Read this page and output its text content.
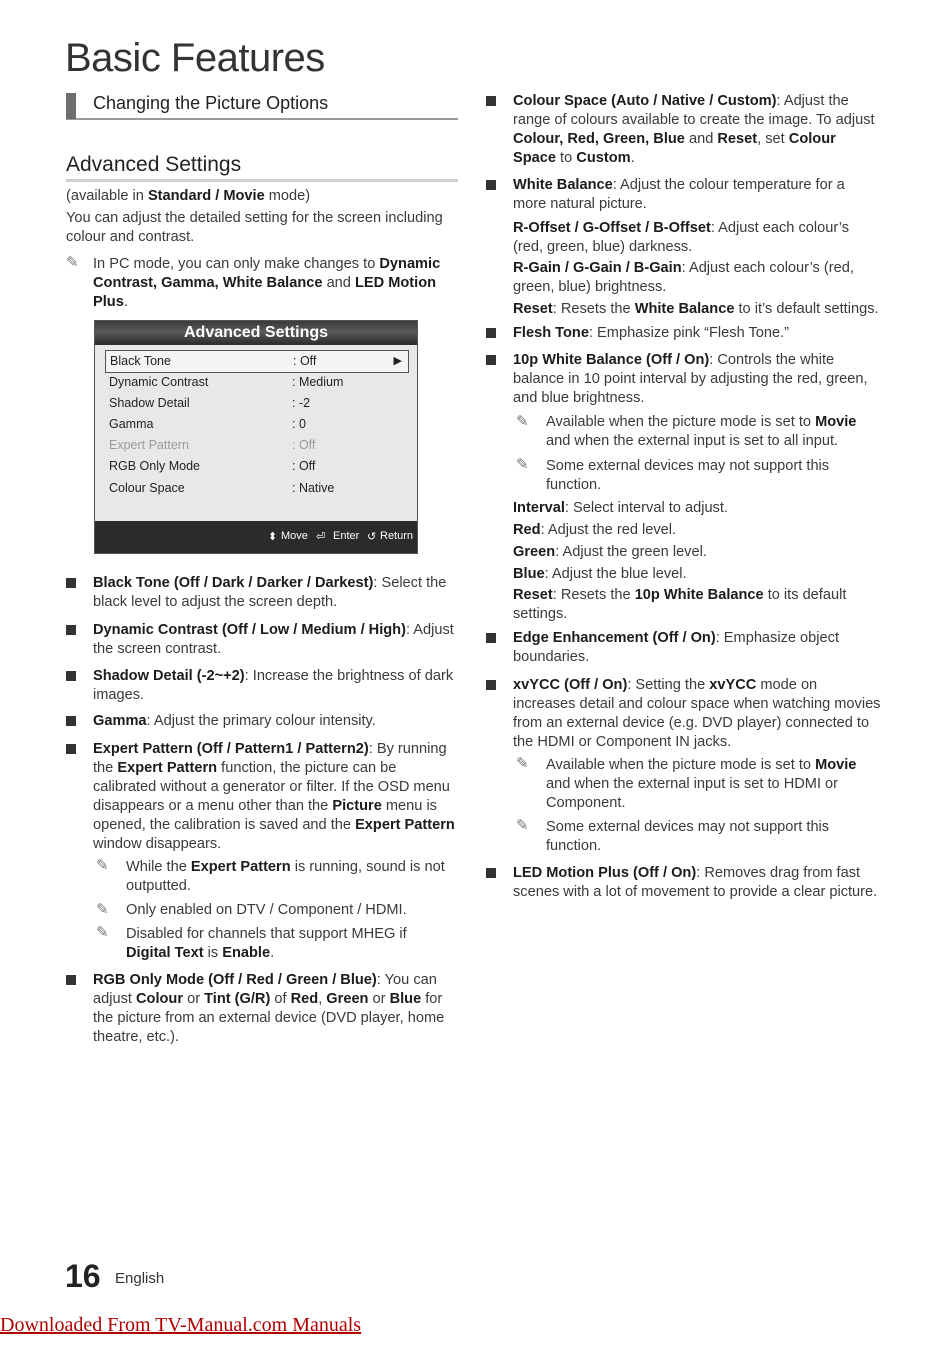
Basic Features
Changing the Picture Options
Advanced Settings
(available in Standard / Movie mode)
You can adjust the detailed setting for the screen including colour and contrast.
✎ In PC mode, you can only make changes to Dynamic Contrast, Gamma, White Balance and LED Motion Plus.
Advanced Settings
Black Tone	: Off	▶
Dynamic Contrast	: Medium
Shadow Detail	: -2
Gamma	: 0
Expert Pattern	: Off
RGB Only Mode	: Off
Colour Space	: Native
⬍ Move ⏎ Enter ↺ Return
Black Tone (Off / Dark / Darker / Darkest): Select the black level to adjust the screen depth.
Dynamic Contrast (Off / Low / Medium / High): Adjust the screen contrast.
Shadow Detail (-2~+2): Increase the brightness of dark images.
Gamma: Adjust the primary colour intensity.
Expert Pattern (Off / Pattern1 / Pattern2): By running the Expert Pattern function, the picture can be calibrated without a generator or filter. If the OSD menu disappears or a menu other than the Picture menu is opened, the calibration is saved and the Expert Pattern window disappears.
✎ While the Expert Pattern is running, sound is not outputted.
✎ Only enabled on DTV / Component / HDMI.
✎ Disabled for channels that support MHEG if Digital Text is Enable.
RGB Only Mode (Off / Red / Green / Blue): You can adjust Colour or Tint (G/R) of Red, Green or Blue for the picture from an external device (DVD player, home theatre, etc.).
Colour Space (Auto / Native / Custom): Adjust the range of colours available to create the image. To adjust Colour, Red, Green, Blue and Reset, set Colour Space to Custom.
White Balance: Adjust the colour temperature for a more natural picture.
R-Offset / G-Offset / B-Offset: Adjust each colour’s (red, green, blue) darkness.
R-Gain / G-Gain / B-Gain: Adjust each colour’s (red, green, blue) brightness.
Reset: Resets the White Balance to it’s default settings.
Flesh Tone: Emphasize pink “Flesh Tone.”
10p White Balance (Off / On): Controls the white balance in 10 point interval by adjusting the red, green, and blue brightness.
✎ Available when the picture mode is set to Movie and when the external input is set to all input.
✎ Some external devices may not support this function.
Interval: Select interval to adjust.
Red: Adjust the red level.
Green: Adjust the green level.
Blue: Adjust the blue level.
Reset: Resets the 10p White Balance to its default settings.
Edge Enhancement (Off / On): Emphasize object boundaries.
xvYCC (Off / On): Setting the xvYCC mode on increases detail and colour space when watching movies from an external device (e.g. DVD player) connected to the HDMI or Component IN jacks.
✎ Available when the picture mode is set to Movie and when the external input is set to HDMI or Component.
✎ Some external devices may not support this function.
LED Motion Plus (Off / On): Removes drag from fast scenes with a lot of movement to provide a clear picture.
16 English
Downloaded From TV-Manual.com Manuals
